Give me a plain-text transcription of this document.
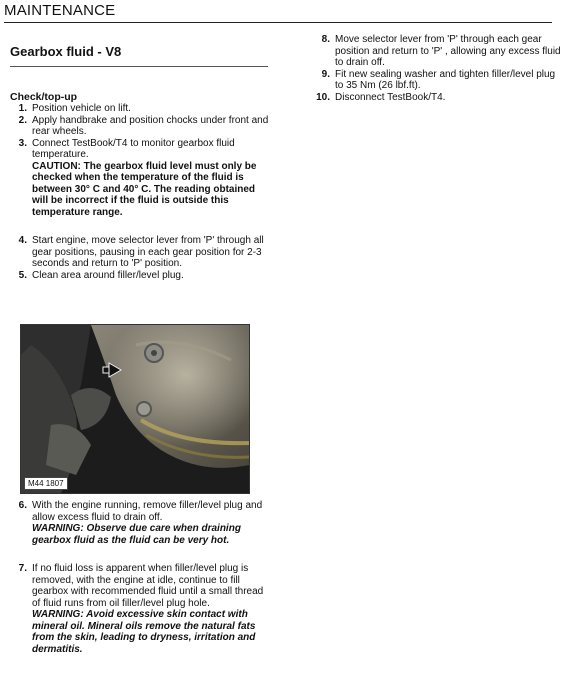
MAINTENANCE
Gearbox fluid - V8
Check/top-up
1. Position vehicle on lift.
2. Apply handbrake and position chocks under front and rear wheels.
3. Connect TestBook/T4 to monitor gearbox fluid temperature.
CAUTION: The gearbox fluid level must only be checked when the temperature of the fluid is between 30° C and 40° C. The reading obtained will be incorrect if the fluid is outside this temperature range.
4. Start engine, move selector lever from 'P' through all gear positions, pausing in each gear position for 2-3 seconds and return to 'P' position.
5. Clean area around filler/level plug.
M44 1807
6. With the engine running, remove filler/level plug and allow excess fluid to drain off.
WARNING: Observe due care when draining gearbox fluid as the fluid can be very hot.
7. If no fluid loss is apparent when filler/level plug is removed, with the engine at idle, continue to fill gearbox with recommended fluid until a small thread of fluid runs from oil filler/level plug hole.
WARNING: Avoid excessive skin contact with mineral oil. Mineral oils remove the natural fats from the skin, leading to dryness, irritation and dermatitis.
8. Move selector lever from 'P' through each gear position and return to 'P' , allowing any excess fluid to drain off.
9. Fit new sealing washer and tighten filler/level plug to 35 Nm (26 lbf.ft).
10. Disconnect TestBook/T4.
